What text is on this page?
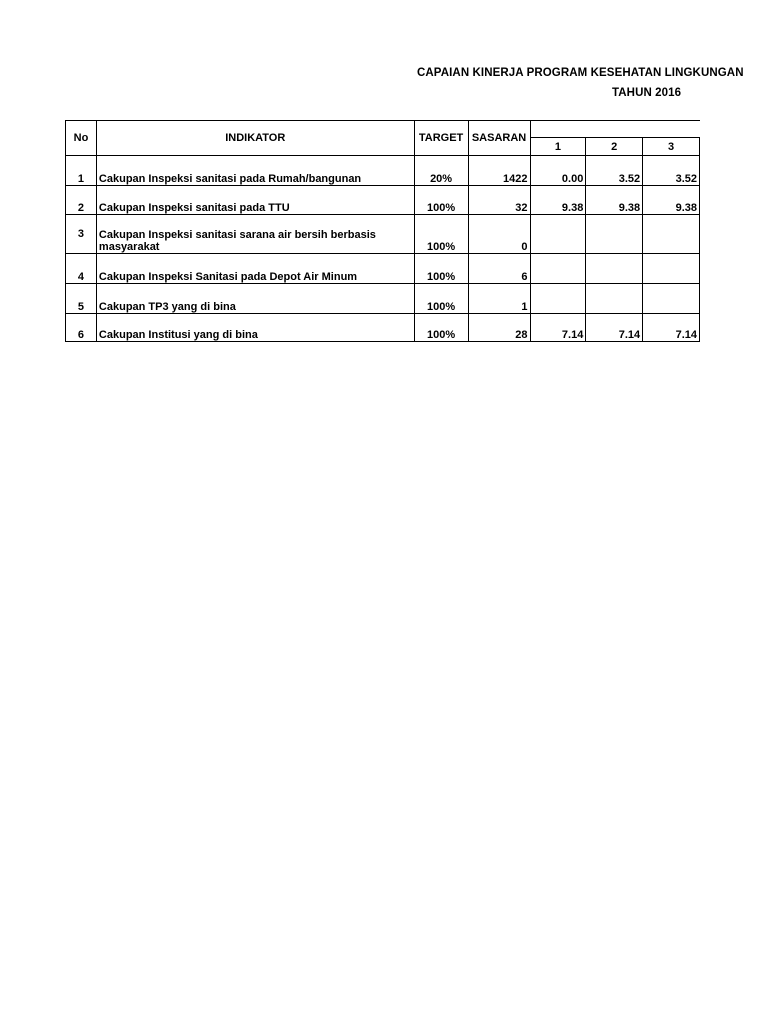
CAPAIAN KINERJA PROGRAM KESEHATAN LINGKUNGAN
TAHUN 2016
No	INDIKATOR	TARGET	SASARAN			
				1	2	3
1	Cakupan Inspeksi sanitasi pada Rumah/bangunan	20%	1422	0.00	3.52	3.52
2	Cakupan Inspeksi sanitasi pada TTU	100%	32	9.38	9.38	9.38
3	Cakupan Inspeksi sanitasi sarana air bersih berbasis masyarakat	100%	0			
4	Cakupan Inspeksi Sanitasi pada Depot Air Minum	100%	6			
5	Cakupan TP3 yang di bina	100%	1			
6	Cakupan Institusi yang di bina	100%	28	7.14	7.14	7.14
